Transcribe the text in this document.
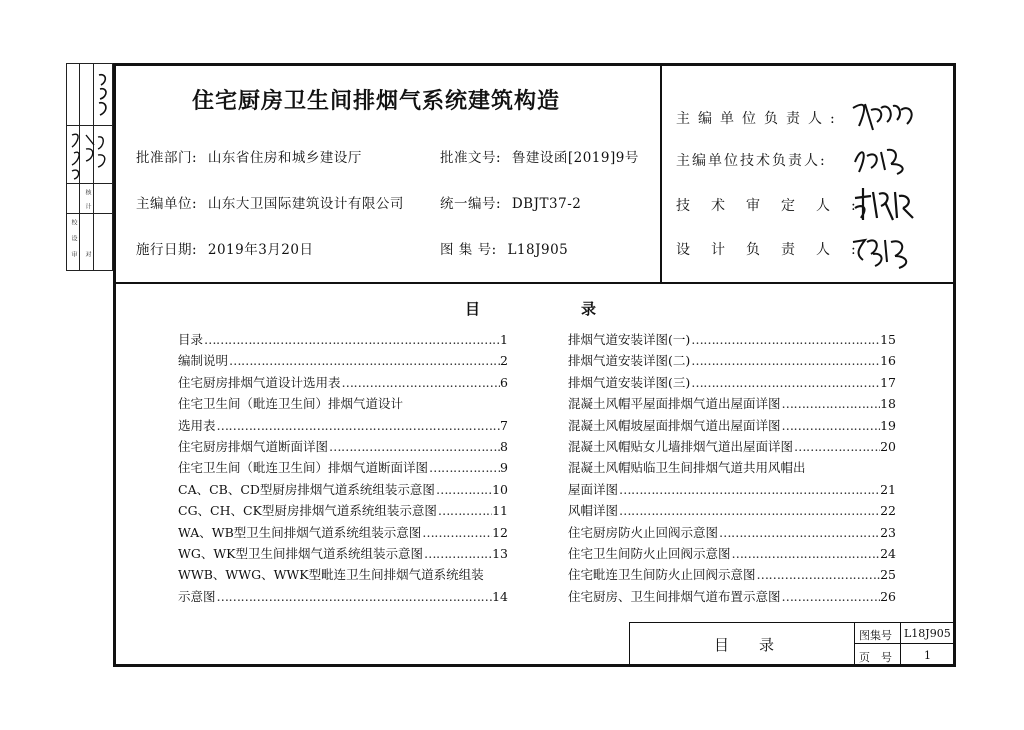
校
设
审
核
计
对
住宅厨房卫生间排烟气系统建筑构造
批准部门: 山东省住房和城乡建设厅	批准文号: 鲁建设函[2019]9号
主编单位: 山东大卫国际建筑设计有限公司	统一编号: DBJT37-2
施行日期: 2019年3月20日	图 集 号: L18J905
主编单位负责人:
主编单位技术负责人:
技术审定人:
设计负责人:
目	录
目录 …………………………………………………………………………………………………………	1
编制说明 …………………………………………………………………………………………………………	2
住宅厨房排烟气道设计选用表 …………………………………………………………………………………………………………	6
住宅卫生间（毗连卫生间）排烟气道设计
选用表 …………………………………………………………………………………………………………	7
住宅厨房排烟气道断面详图 …………………………………………………………………………………………………………	8
住宅卫生间（毗连卫生间）排烟气道断面详图 …………………………………………………………………………………………………………	9
CA、CB、CD型厨房排烟气道系统组装示意图 …………………………………………………………………………………………………………	10
CG、CH、CK型厨房排烟气道系统组装示意图 …………………………………………………………………………………………………………	11
WA、WB型卫生间排烟气道系统组装示意图 …………………………………………………………………………………………………………	12
WG、WK型卫生间排烟气道系统组装示意图 …………………………………………………………………………………………………………	13
WWB、WWG、WWK型毗连卫生间排烟气道系统组装
示意图 …………………………………………………………………………………………………………	14
排烟气道安装详图(一) …………………………………………………………………………………………………………	15
排烟气道安装详图(二) …………………………………………………………………………………………………………	16
排烟气道安装详图(三) …………………………………………………………………………………………………………	17
混凝土风帽平屋面排烟气道出屋面详图 …………………………………………………………………………………………………………	18
混凝土风帽坡屋面排烟气道出屋面详图 …………………………………………………………………………………………………………	19
混凝土风帽贴女儿墙排烟气道出屋面详图 …………………………………………………………………………………………………………	20
混凝土风帽贴临卫生间排烟气道共用风帽出
屋面详图 …………………………………………………………………………………………………………	21
风帽详图 …………………………………………………………………………………………………………	22
住宅厨房防火止回阀示意图 …………………………………………………………………………………………………………	23
住宅卫生间防火止回阀示意图 …………………………………………………………………………………………………………	24
住宅毗连卫生间防火止回阀示意图 …………………………………………………………………………………………………………	25
住宅厨房、卫生间排烟气道布置示意图 …………………………………………………………………………………………………………	26
目　　录
图集号 L18J905
页　号	1
